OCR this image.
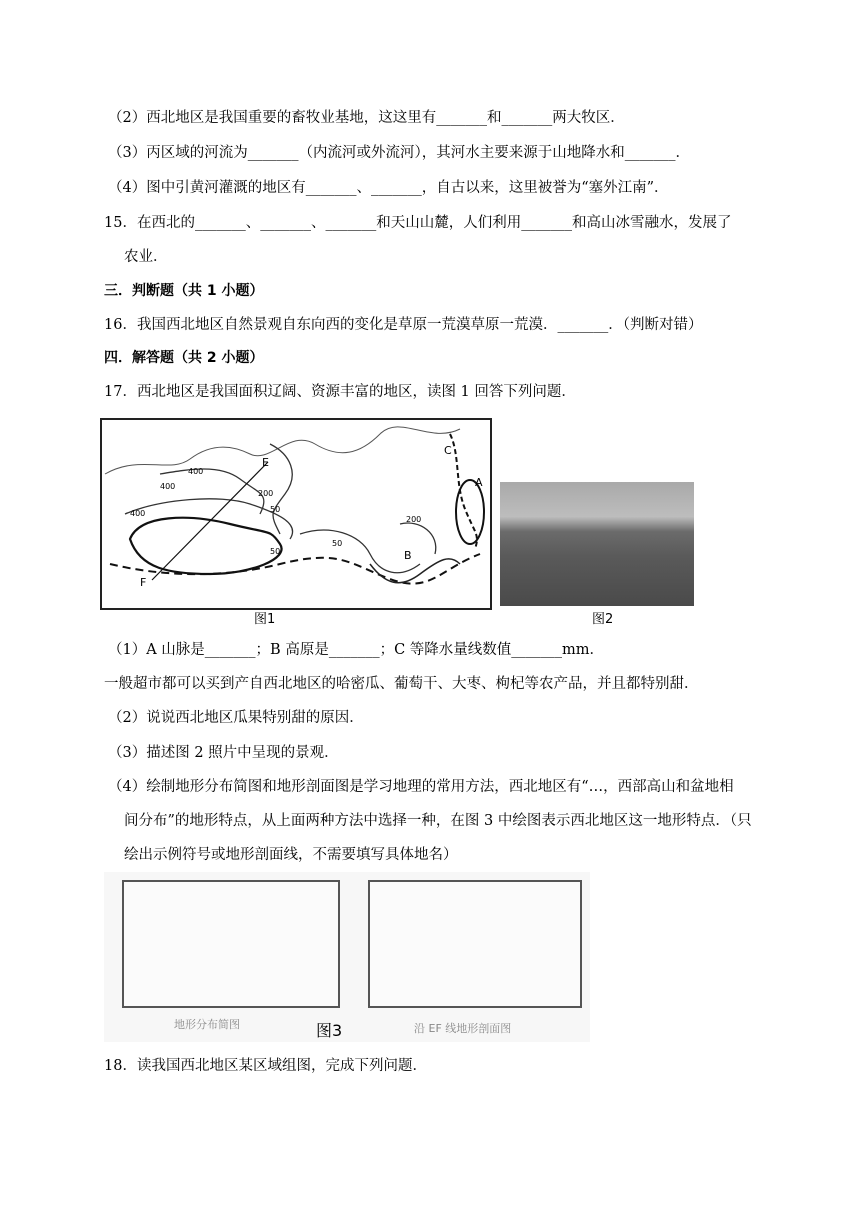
（2）西北地区是我国重要的畜牧业基地，这这里有_______和_______两大牧区．
（3）丙区域的河流为_______（内流河或外流河），其河水主要来源于山地降水和_______．
（4）图中引黄河灌溉的地区有_______、_______，自古以来，这里被誉为“塞外江南”．
15．在西北的_______、_______、_______和天山山麓，人们利用_______和高山冰雪融水，发展了
农业．
三．判断题（共 1 小题）
16．我国西北地区自然景观自东向西的变化是草原一荒漠草原一荒漠．_______．（判断对错）
四．解答题（共 2 小题）
17．西北地区是我国面积辽阔、资源丰富的地区，读图 1 回答下列问题．
E
F
A
B
C
400
400
400
200
200
50
50
50
图1	图2
（1）A 山脉是_______；B 高原是_______；C 等降水量线数值_______mm．
一般超市都可以买到产自西北地区的哈密瓜、葡萄干、大枣、枸杞等农产品，并且都特别甜．
（2）说说西北地区瓜果特别甜的原因．
（3）描述图 2 照片中呈现的景观．
（4）绘制地形分布简图和地形剖面图是学习地理的常用方法，西北地区有“…，西部高山和盆地相
间分布”的地形特点，从上面两种方法中选择一种，在图 3 中绘图表示西北地区这一地形特点．（只
绘出示例符号或地形剖面线，不需要填写具体地名）
地形分布简图	图3	沿 EF 线地形剖面图
18．读我国西北地区某区域组图，完成下列问题．
